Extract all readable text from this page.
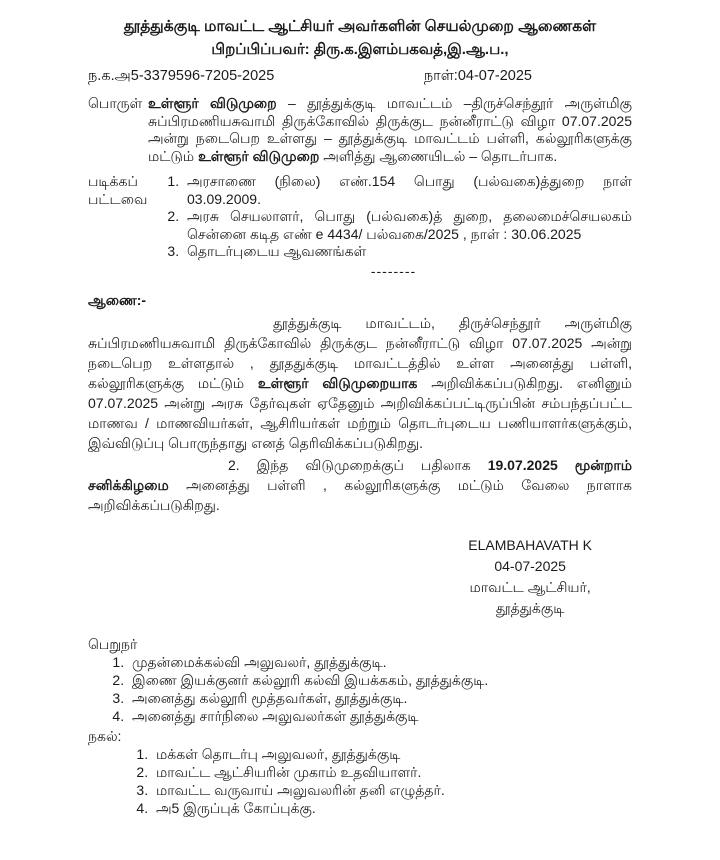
தூத்துக்குடி மாவட்ட ஆட்சியர் அவர்களின் செயல்முறை ஆணைகள்
பிறப்பிப்பவர்: திரு.க.இளம்பகவத்,இ.ஆ.ப.,
ந.க.அ5-3379596-7205-2025	நாள்:04-07-2025
பொருள் உள்ளூர் விடுமுறை – தூத்துக்குடி மாவட்டம் –திருச்செந்தூர் அருள்மிகு சுப்பிரமணியசுவாமி திருக்கோவில் திருக்குட நன்னீராட்டு விழா 07.07.2025 அன்று நடைபெற உள்ளது – தூத்துக்குடி மாவட்டம் பள்ளி, கல்லூரிகளுக்கு மட்டும் உள்ளூர் விடுமுறை அளித்து ஆணையிடல் – தொடர்பாக.
படிக்கப்
பட்டவை
1. அரசாணை (நிலை) எண்.154 பொது (பல்வகை)த்துறை நாள் 03.09.2009.
2. அரசு செயலாளர், பொது (பல்வகை)த் துறை, தலைமைச்செயலகம் சென்னை கடித எண் e 4434/ பல்வகை/2025 , நாள் : 30.06.2025
3. தொடர்புடைய ஆவணங்கள்
--------
ஆணை:-

தூத்துக்குடி மாவட்டம், திருச்செந்தூர் அருள்மிகு சுப்பிரமணியசுவாமி திருக்கோவில் திருக்குட நன்னீராட்டு விழா 07.07.2025 அன்று நடைபெற உள்ளதால் , தூததுக்குடி மாவட்டத்தில் உள்ள அனைத்து பள்ளி, கல்லூரிகளுக்கு மட்டும் உள்ளூர் விடுமுறையாக அறிவிக்கப்படுகிறது. எனினும் 07.07.2025 அன்று அரசு தேர்வுகள் ஏதேனும் அறிவிக்கப்பட்டிருப்பின் சம்பந்தப்பட்ட மாணவ / மாணவியர்கள், ஆசிரியர்கள் மற்றும் தொடர்புடைய பணியாளர்களுக்கும், இவ்விடுப்பு பொருந்தாது எனத் தெரிவிக்கப்படுகிறது.

2. இந்த விடுமுறைக்குப் பதிலாக 19.07.2025 மூன்றாம் சனிக்கிழமை அனைத்து பள்ளி , கல்லூரிகளுக்கு மட்டும் வேலை நாளாக அறிவிக்கப்படுகிறது.

ELAMBAHAVATH K
04-07-2025
மாவட்ட ஆட்சியர்,
தூத்துக்குடி
பெறுநர்
1. முதன்மைக்கல்வி அலுவலர், தூத்துக்குடி.
2. இணை இயக்குனர் கல்லூரி கல்வி இயக்ககம், தூத்துக்குடி.
3. அனைத்து கல்லூரி மூத்தவர்கள், தூத்துக்குடி.
4. அனைத்து சார்நிலை அலுவலர்கள் தூத்துக்குடி
நகல்:
1. மக்கள் தொடர்பு அலுவலர், தூத்துக்குடி
2. மாவட்ட ஆட்சியரின் முகாம் உதவியாளர்.
3. மாவட்ட வருவாய் அலுவலரின் தனி எழுத்தர்.
4. அ5 இருப்புக் கோப்புக்கு.
